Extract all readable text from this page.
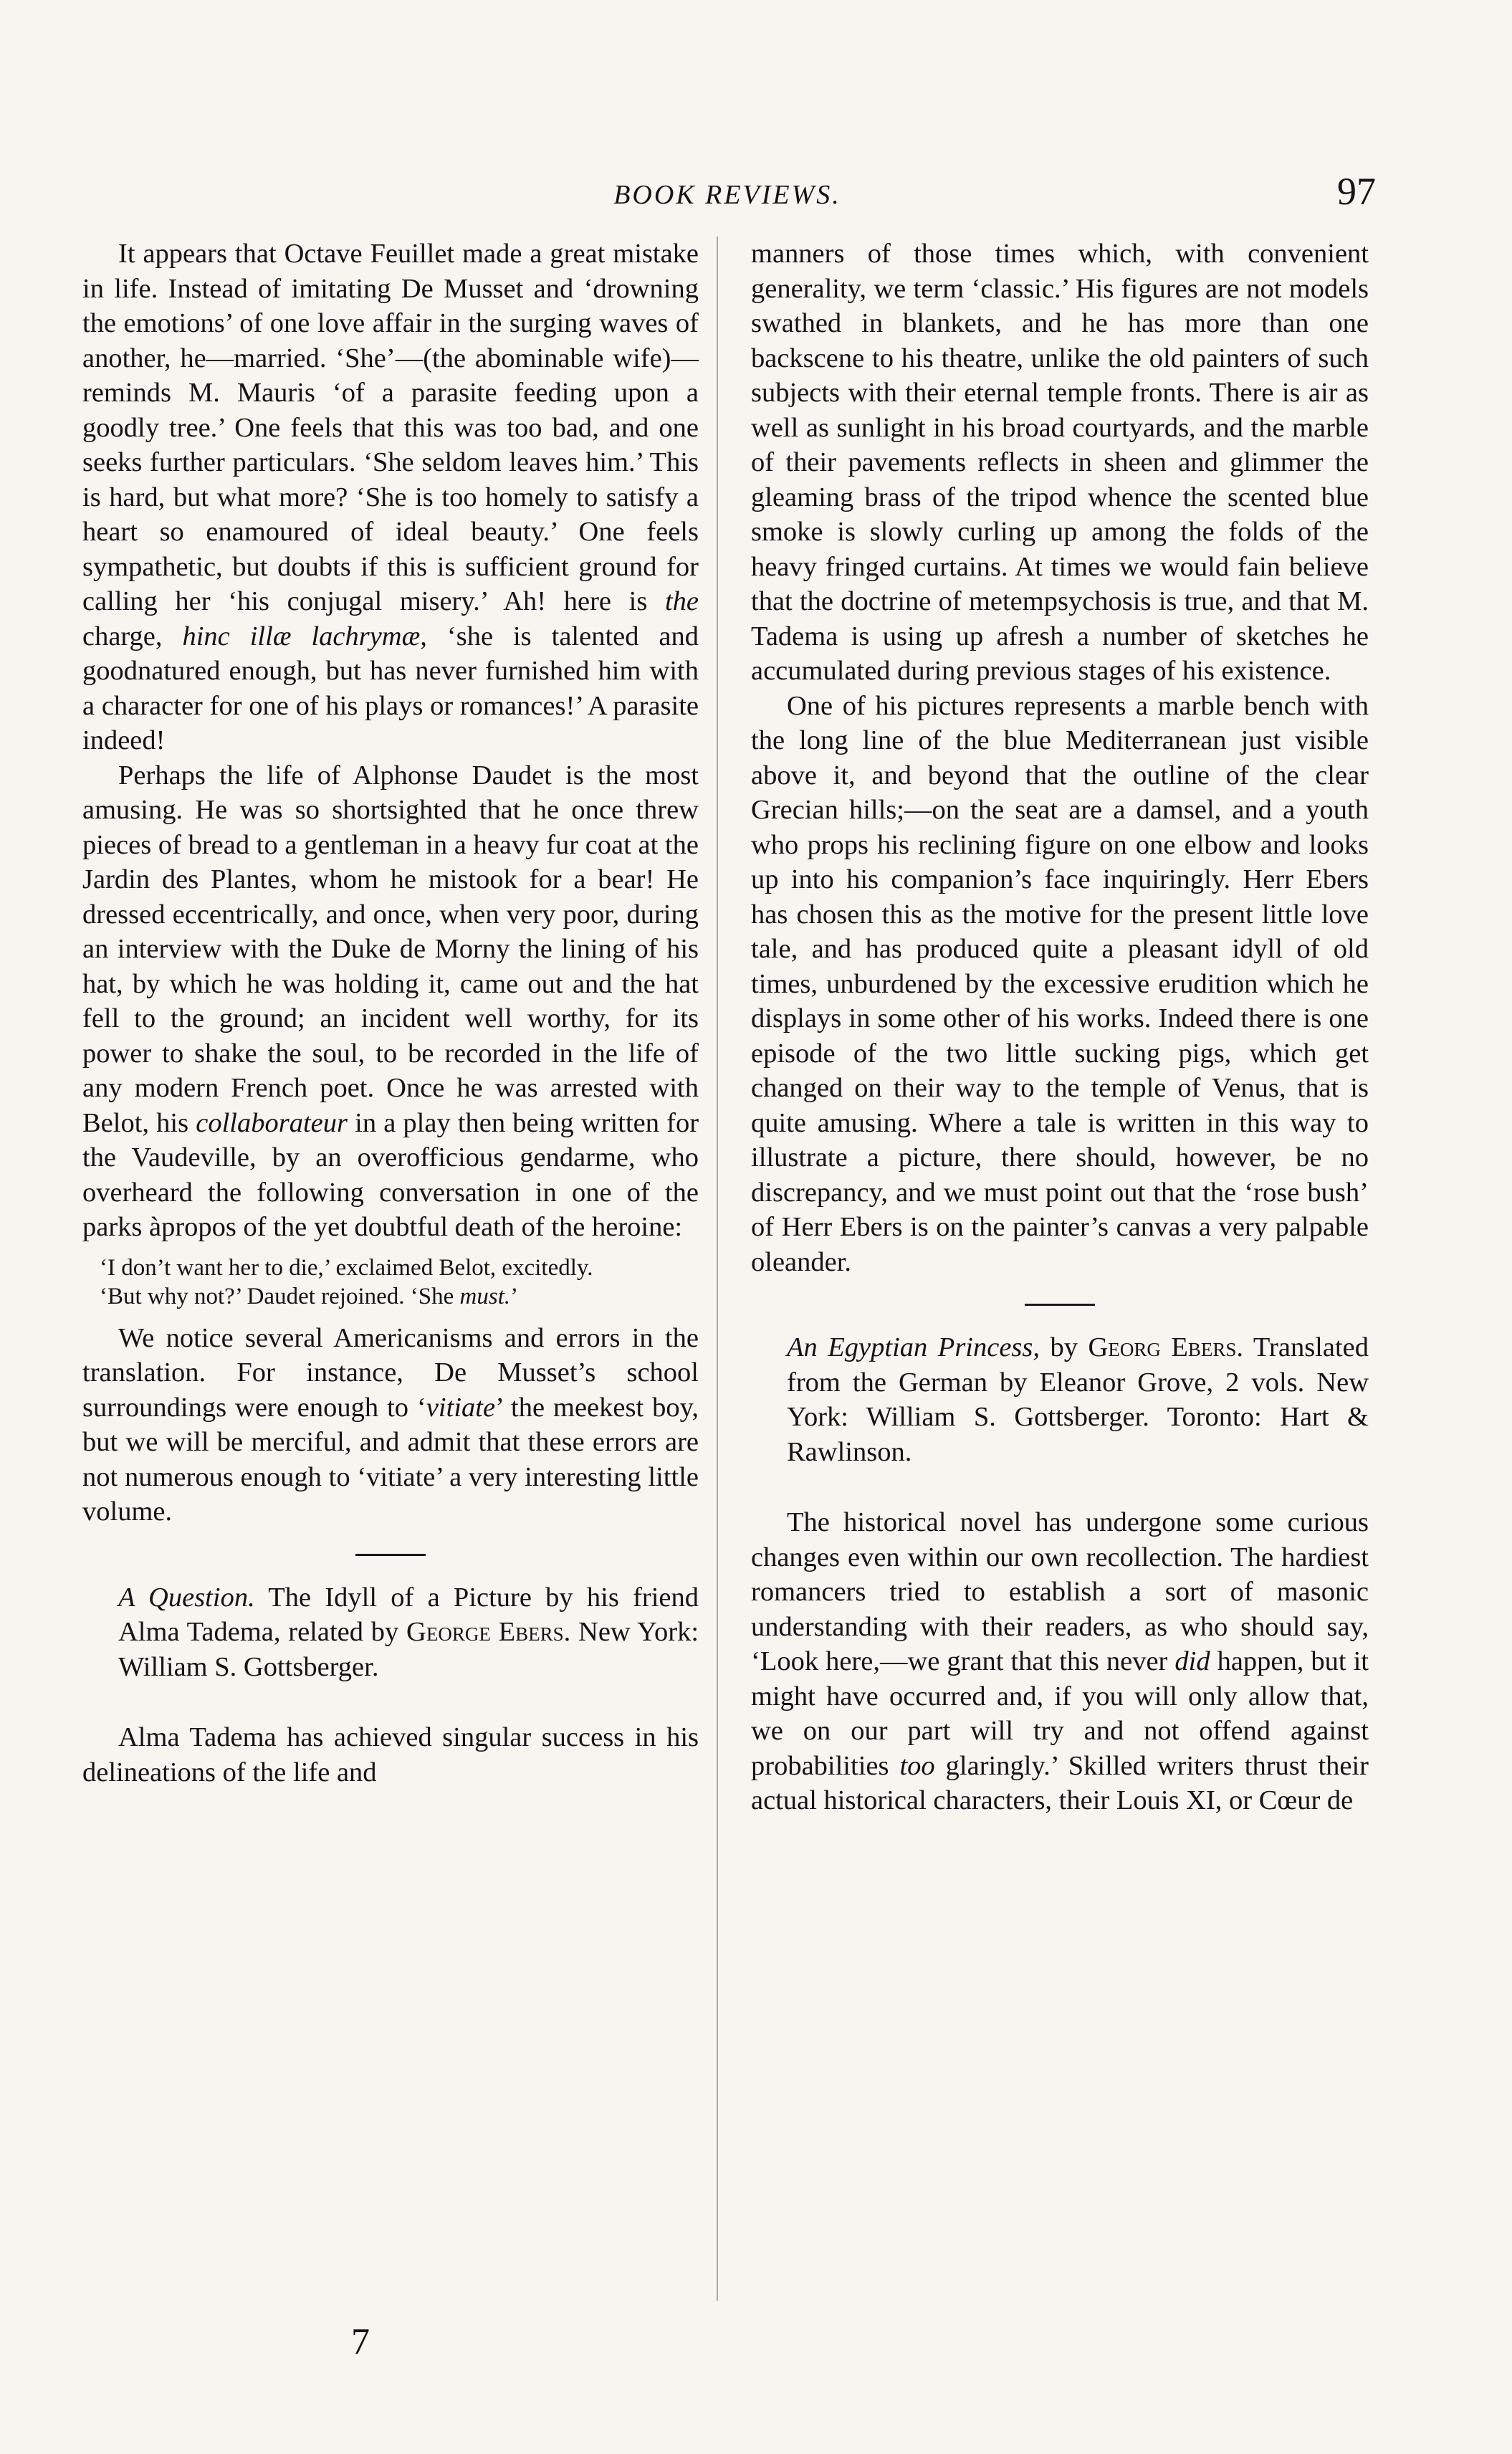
BOOK REVIEWS.	97

It appears that Octave Feuillet made a great mistake in life. Instead of imitating De Musset and ‘drowning the emotions’ of one love affair in the surging waves of another, he—married. ‘She’—(the abominable wife)—reminds M. Mauris ‘of a parasite feeding upon a goodly tree.’ One feels that this was too bad, and one seeks further particulars. ‘She seldom leaves him.’ This is hard, but what more? ‘She is too homely to satisfy a heart so enamoured of ideal beauty.’ One feels sympathetic, but doubts if this is sufficient ground for calling her ‘his conjugal misery.’ Ah! here is the charge, hinc illæ lachrymæ, ‘she is talented and goodnatured enough, but has never furnished him with a character for one of his plays or romances!’ A parasite indeed!

Perhaps the life of Alphonse Daudet is the most amusing. He was so shortsighted that he once threw pieces of bread to a gentleman in a heavy fur coat at the Jardin des Plantes, whom he mistook for a bear! He dressed eccentrically, and once, when very poor, during an interview with the Duke de Morny the lining of his hat, by which he was holding it, came out and the hat fell to the ground; an incident well worthy, for its power to shake the soul, to be recorded in the life of any modern French poet. Once he was arrested with Belot, his collaborateur in a play then being written for the Vaudeville, by an overofficious gendarme, who overheard the following conversation in one of the parks àpropos of the yet doubtful death of the heroine:

‘I don’t want her to die,’ exclaimed Belot, excitedly.

‘But why not?’ Daudet rejoined. ‘She must.’

We notice several Americanisms and errors in the translation. For instance, De Musset’s school surroundings were enough to ‘vitiate’ the meekest boy, but we will be merciful, and admit that these errors are not numerous enough to ‘vitiate’ a very interesting little volume.

A Question. The Idyll of a Picture by his friend Alma Tadema, related by George Ebers. New York: William S. Gottsberger.

Alma Tadema has achieved singular success in his delineations of the life and

manners of those times which, with convenient generality, we term ‘classic.’ His figures are not models swathed in blankets, and he has more than one backscene to his theatre, unlike the old painters of such subjects with their eternal temple fronts. There is air as well as sunlight in his broad courtyards, and the marble of their pavements reflects in sheen and glimmer the gleaming brass of the tripod whence the scented blue smoke is slowly curling up among the folds of the heavy fringed curtains. At times we would fain believe that the doctrine of metempsychosis is true, and that M. Tadema is using up afresh a number of sketches he accumulated during previous stages of his existence.

One of his pictures represents a marble bench with the long line of the blue Mediterranean just visible above it, and beyond that the outline of the clear Grecian hills;—on the seat are a damsel, and a youth who props his reclining figure on one elbow and looks up into his companion’s face inquiringly. Herr Ebers has chosen this as the motive for the present little love tale, and has produced quite a pleasant idyll of old times, unburdened by the excessive erudition which he displays in some other of his works. Indeed there is one episode of the two little sucking pigs, which get changed on their way to the temple of Venus, that is quite amusing. Where a tale is written in this way to illustrate a picture, there should, however, be no discrepancy, and we must point out that the ‘rose bush’ of Herr Ebers is on the painter’s canvas a very palpable oleander.

An Egyptian Princess, by Georg Ebers. Translated from the German by Eleanor Grove, 2 vols. New York: William S. Gottsberger. Toronto: Hart & Rawlinson.

The historical novel has undergone some curious changes even within our own recollection. The hardiest romancers tried to establish a sort of masonic understanding with their readers, as who should say, ‘Look here,—we grant that this never did happen, but it might have occurred and, if you will only allow that, we on our part will try and not offend against probabilities too glaringly.’ Skilled writers thrust their actual historical characters, their Louis XI, or Cœur de

7
